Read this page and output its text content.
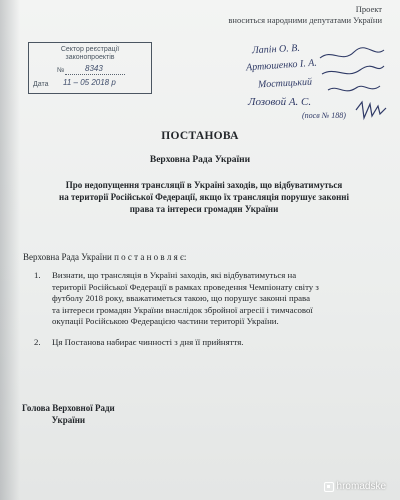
Проект
вноситься народними депутатами України
Сектор реєстрації
законопроектів
№	8343
Дата 11 – 05 2018 р
Лапін О. В.
Артюшенко І. А.
Мостицький
Лозовой А. С.
(посв № 188)
ПОСТАНОВА
Верховна Рада України
Про недопущення трансляції в Україні заходів, що відбуватимуться
на території Російської Федерації, якщо їх трансляція порушує законні
права та інтереси громадян України
Верховна Рада України п о с т а н о в л я є:
1. Визнати, що трансляція в Україні заходів, які відбуватимуться на
території Російської Федерації в рамках проведення Чемпіонату світу з
футболу 2018 року, вважатиметься такою, що порушує законні права
та інтереси громадян України внаслідок збройної агресії і тимчасової
окупації Російською Федерацією частини території України.
2. Ця Постанова набирає чинності з дня її прийняття.
Голова Верховної Ради
України
hromadske
